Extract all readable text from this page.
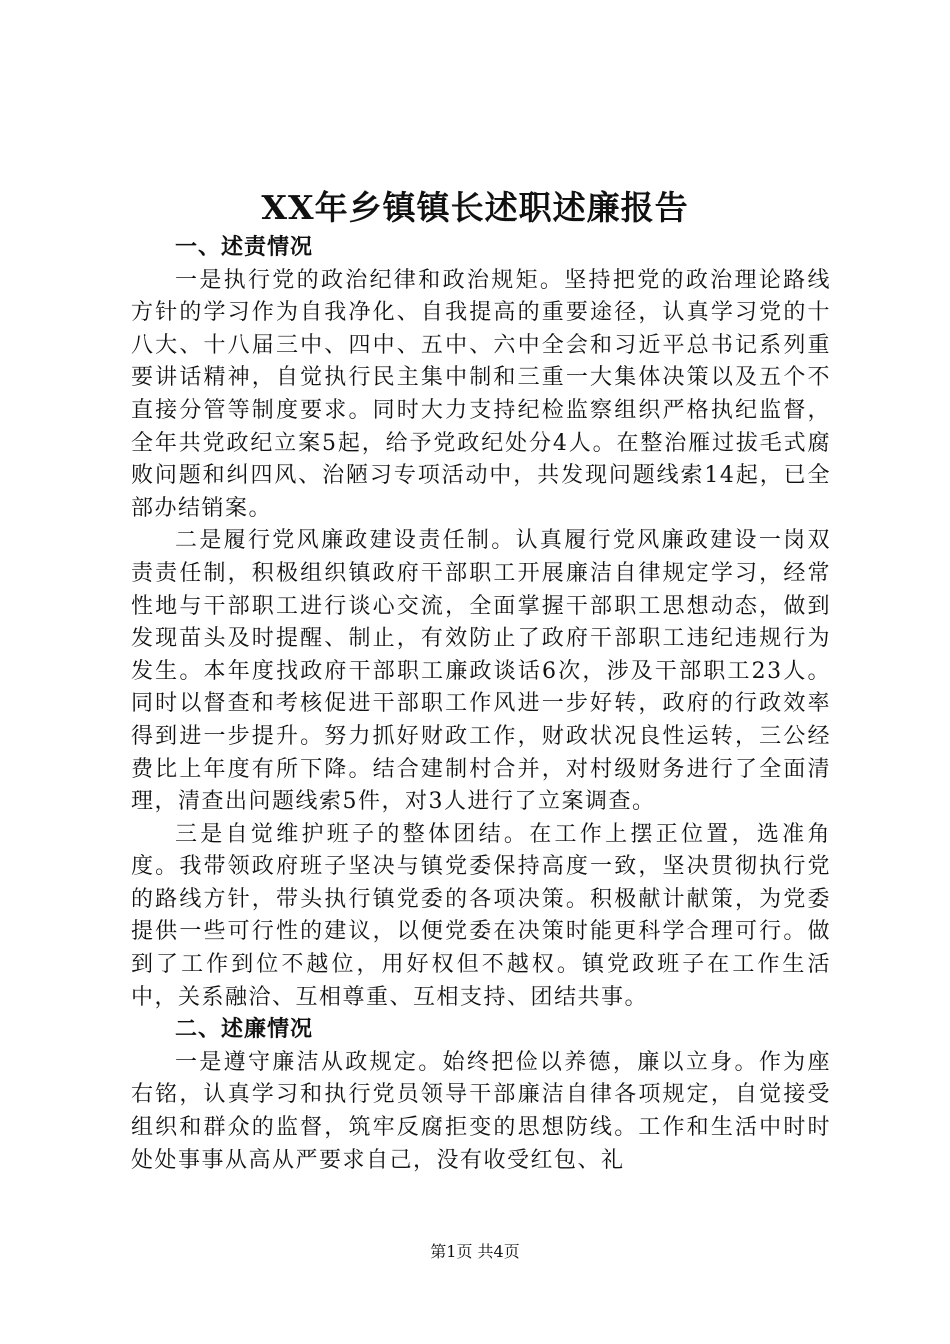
XX年乡镇镇长述职述廉报告

一、述责情况

一是执行党的政治纪律和政治规矩。坚持把党的政治理论路线方针的学习作为自我净化、自我提高的重要途径，认真学习党的十八大、十八届三中、四中、五中、六中全会和习近平总书记系列重要讲话精神，自觉执行民主集中制和三重一大集体决策以及五个不直接分管等制度要求。同时大力支持纪检监察组织严格执纪监督，全年共党政纪立案5起，给予党政纪处分4人。在整治雁过拔毛式腐败问题和纠四风、治陋习专项活动中，共发现问题线索14起，已全部办结销案。

二是履行党风廉政建设责任制。认真履行党风廉政建设一岗双责责任制，积极组织镇政府干部职工开展廉洁自律规定学习，经常性地与干部职工进行谈心交流，全面掌握干部职工思想动态，做到发现苗头及时提醒、制止，有效防止了政府干部职工违纪违规行为发生。本年度找政府干部职工廉政谈话6次，涉及干部职工23人。同时以督查和考核促进干部职工作风进一步好转，政府的行政效率得到进一步提升。努力抓好财政工作，财政状况良性运转，三公经费比上年度有所下降。结合建制村合并，对村级财务进行了全面清理，清查出问题线索5件，对3人进行了立案调查。

三是自觉维护班子的整体团结。在工作上摆正位置，选准角度。我带领政府班子坚决与镇党委保持高度一致，坚决贯彻执行党的路线方针，带头执行镇党委的各项决策。积极献计献策，为党委提供一些可行性的建议，以便党委在决策时能更科学合理可行。做到了工作到位不越位，用好权但不越权。镇党政班子在工作生活中，关系融洽、互相尊重、互相支持、团结共事。

二、述廉情况

一是遵守廉洁从政规定。始终把俭以养德，廉以立身。作为座右铭，认真学习和执行党员领导干部廉洁自律各项规定，自觉接受组织和群众的监督，筑牢反腐拒变的思想防线。工作和生活中时时处处事事从高从严要求自己，没有收受红包、礼

第1页 共4页
